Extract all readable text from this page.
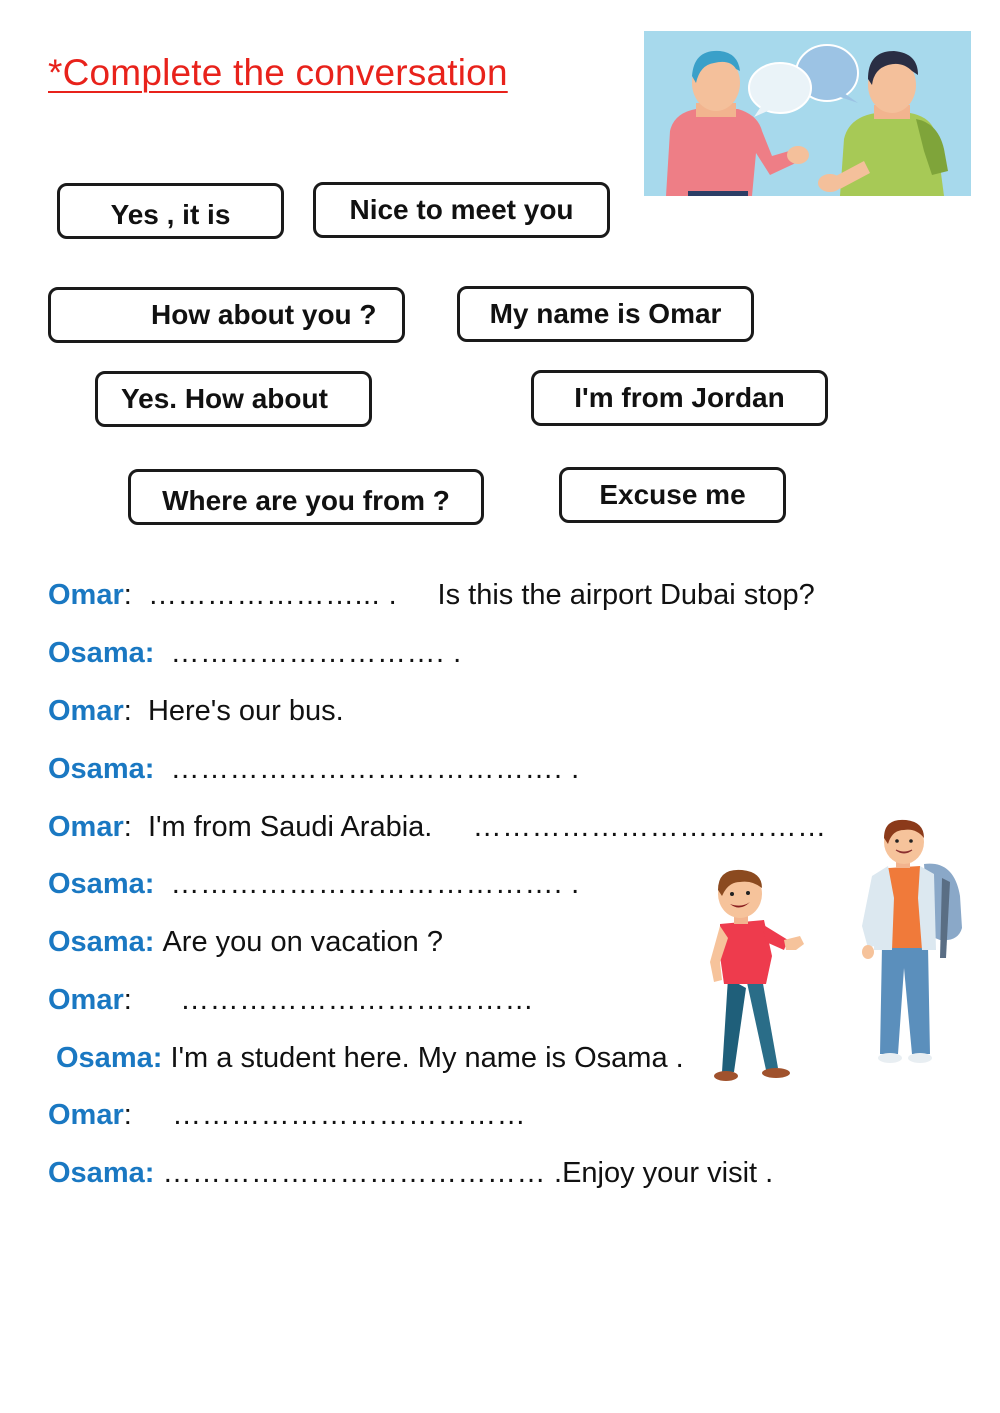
*Complete the conversation
Yes , it is	Nice to meet you
How about you ?	My name is Omar
Yes. How about	I'm from Jordan
Where are you from ?	Excuse me
Omar: …………………... . Is this the airport Dubai stop?
Osama: ………………………. .
Omar: Here's our bus.
Osama: …………………………………. .
Omar: I'm from Saudi Arabia. ………………………………
Osama: …………………………………. .
Osama: Are you on vacation ?
Omar: ………………………………
Osama: I'm a student here. My name is Osama .
Omar: ………………………………
Osama: ………………………………… .Enjoy your visit .
